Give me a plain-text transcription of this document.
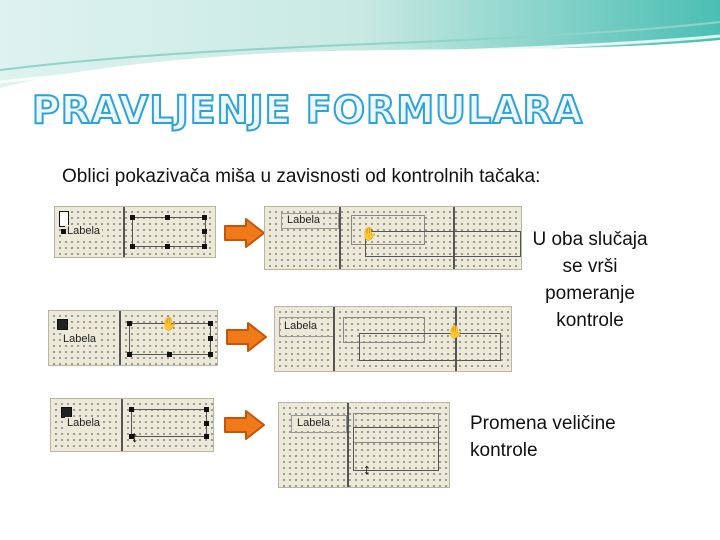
PRAVLJENJE FORMULARA
Oblici pokazivača miša u zavisnosti od kontrolnih tačaka:
Labela
Labela
✋
Labela
✋	Labela	✋
Labela
↕
Labela
↕
U oba slučaja se vrši pomeranje kontrole
Promena veličine kontrole
